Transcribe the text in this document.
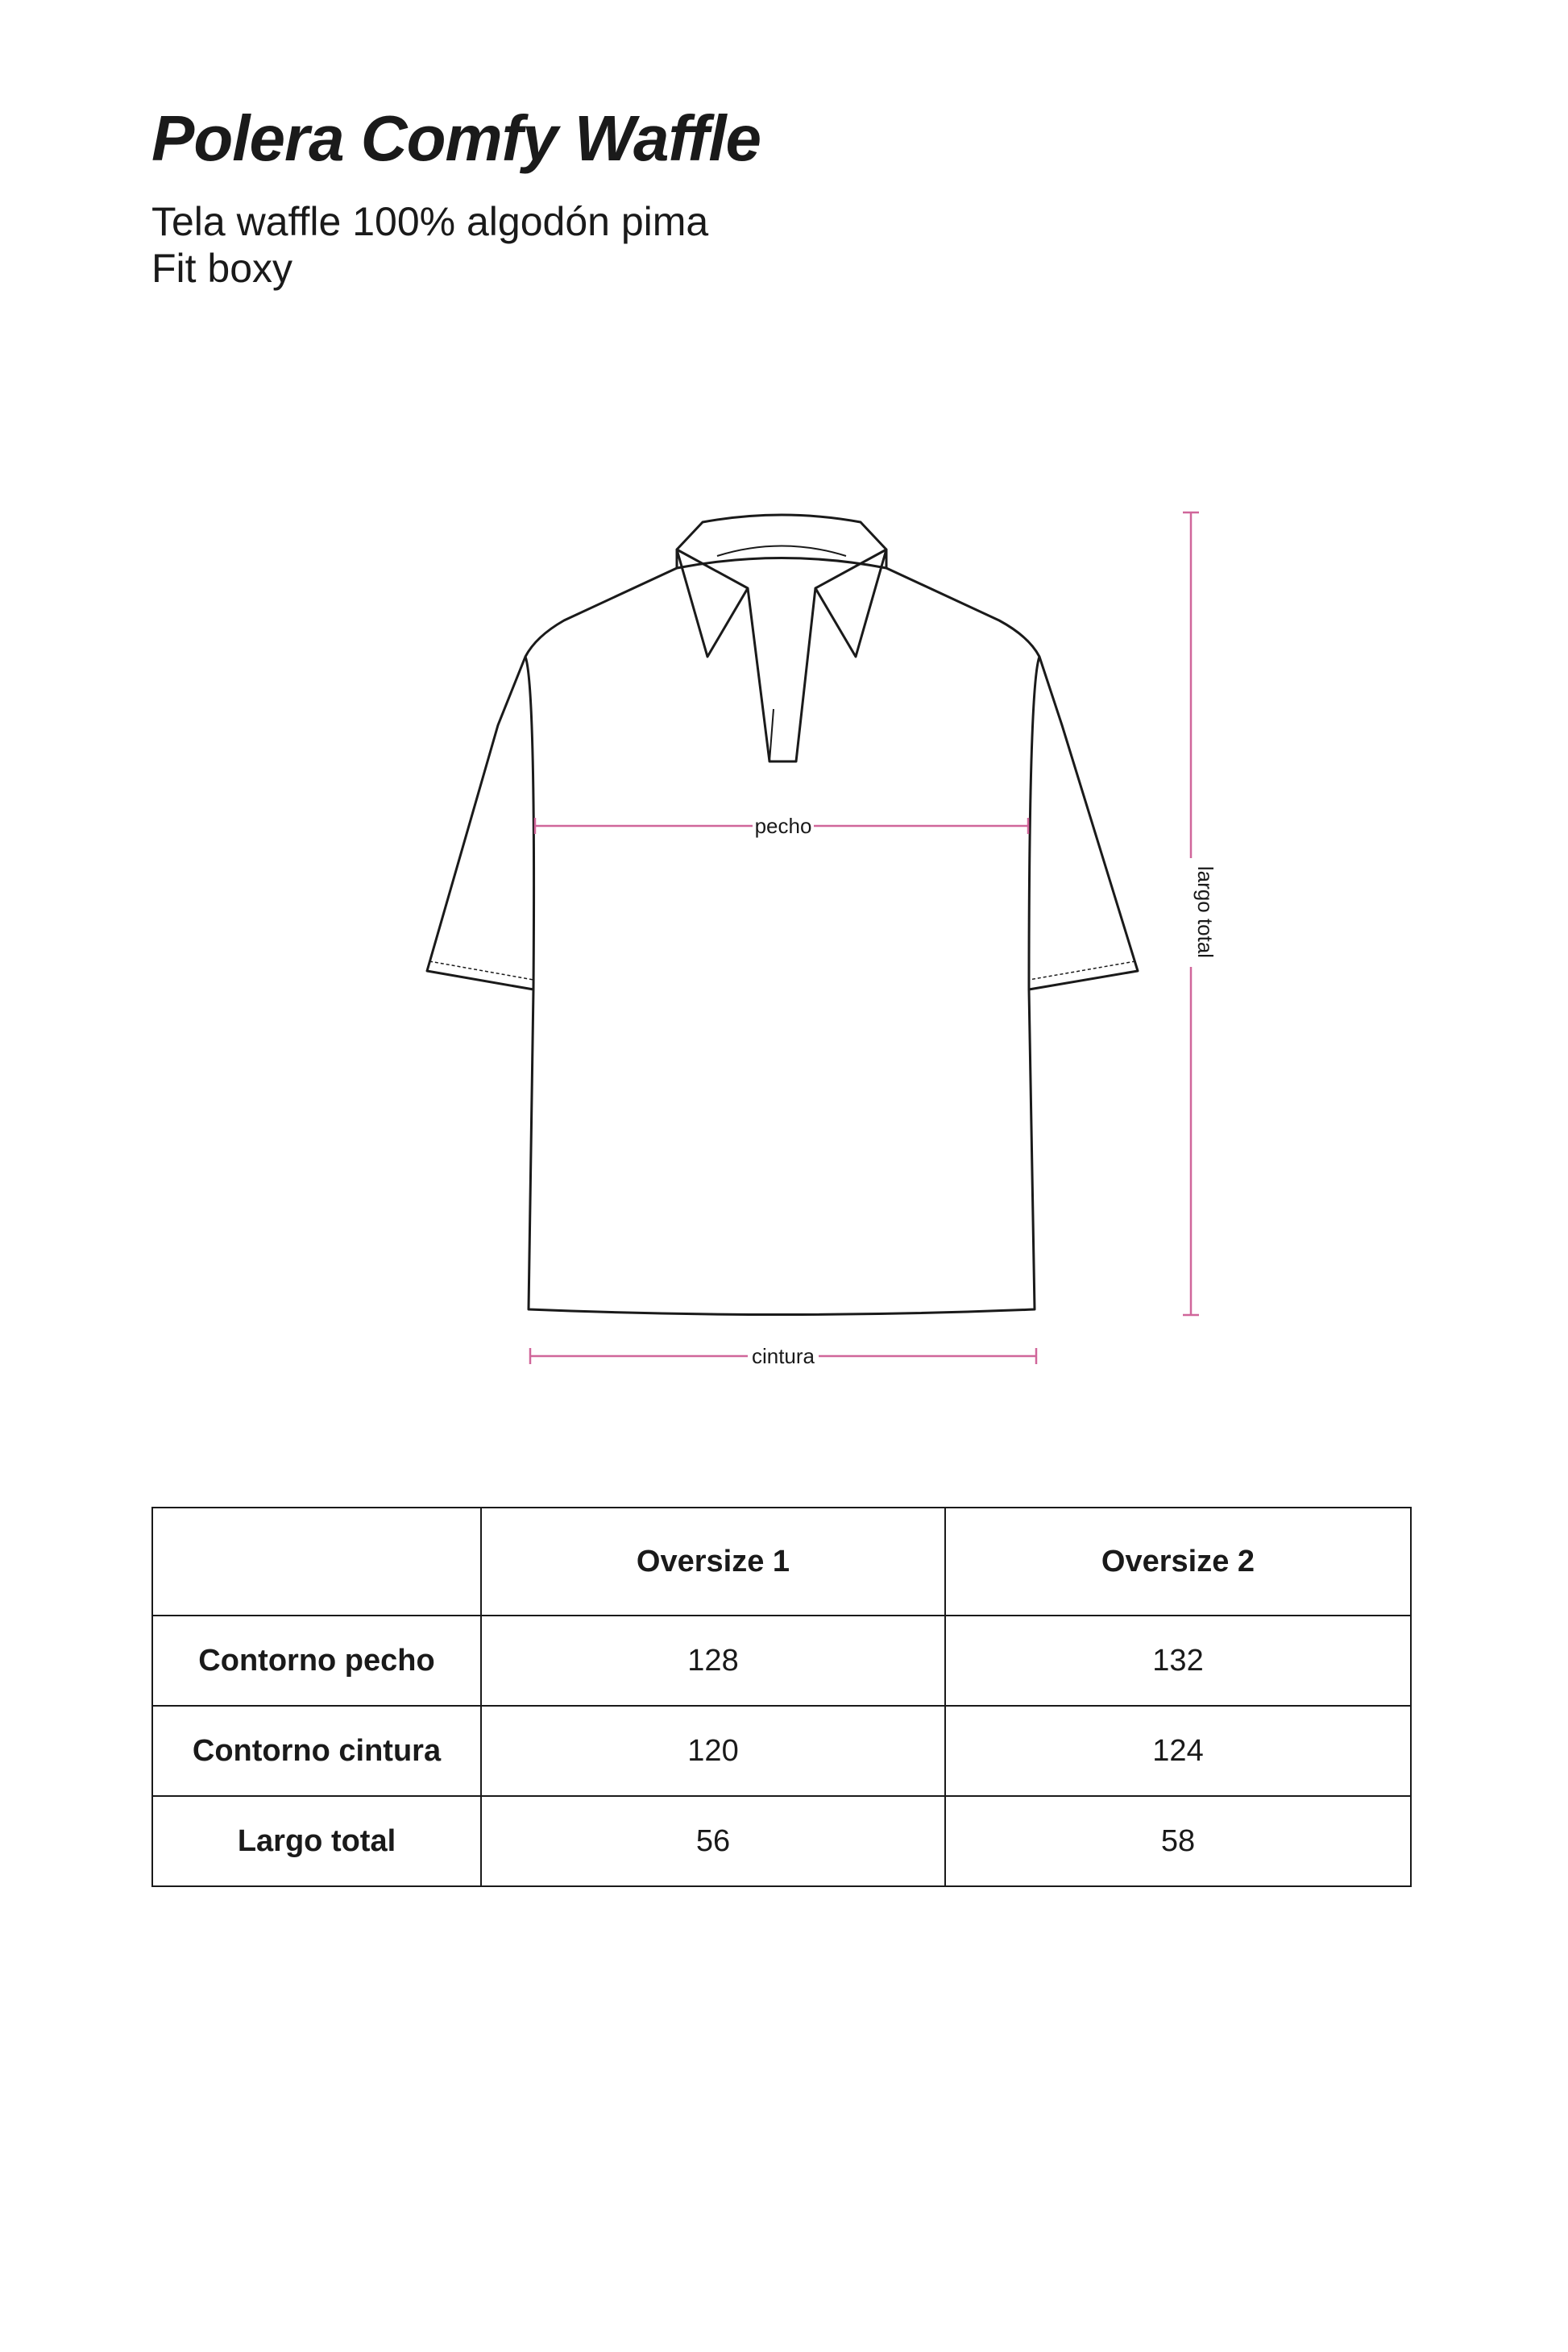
Polera Comfy Waffle

Tela waffle 100% algodón pima

Fit boxy

pecho
cintura
largo total
	Oversize 1	Oversize 2
Contorno pecho	128	132
Contorno cintura	120	124
Largo total	56	58
